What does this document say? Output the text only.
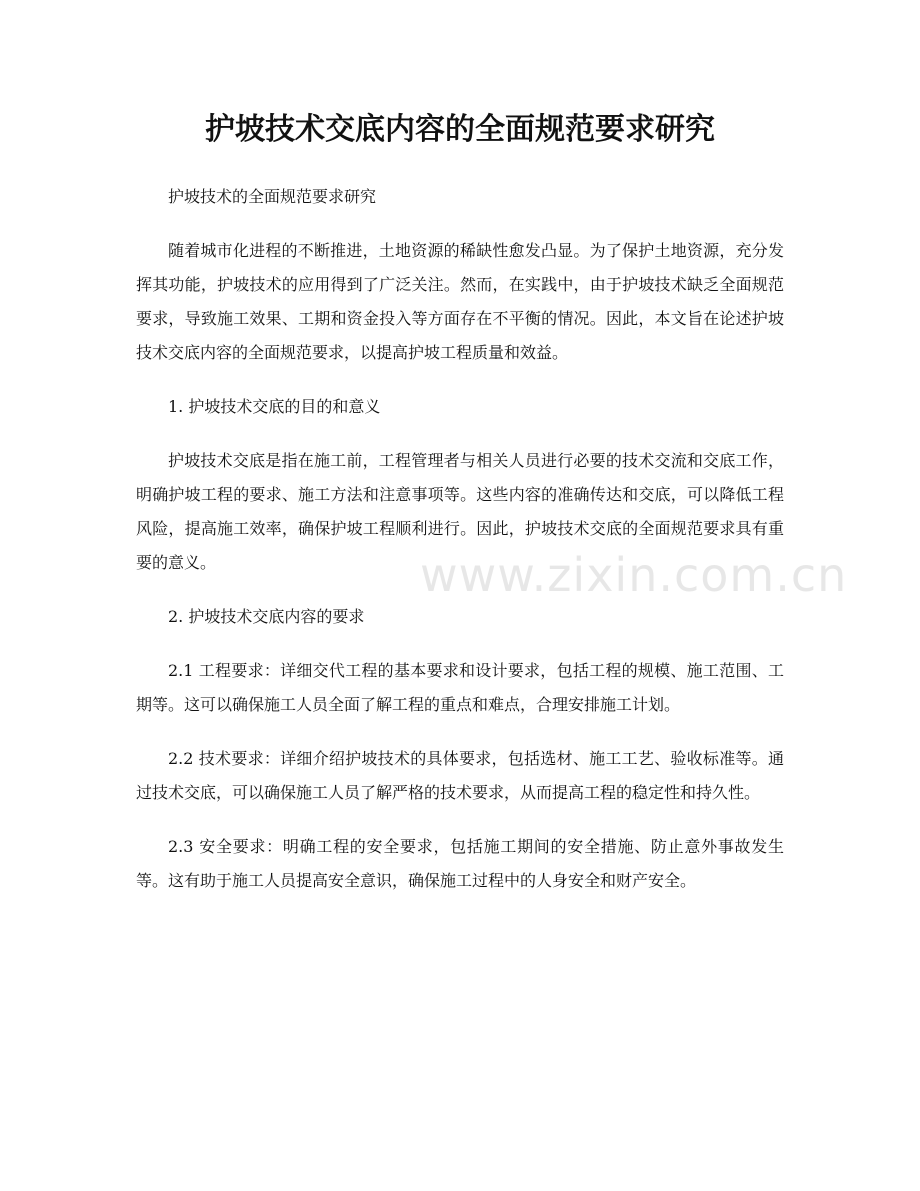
护坡技术交底内容的全面规范要求研究

护坡技术的全面规范要求研究

随着城市化进程的不断推进，土地资源的稀缺性愈发凸显。为了保护土地资源，充分发挥其功能，护坡技术的应用得到了广泛关注。然而，在实践中，由于护坡技术缺乏全面规范要求，导致施工效果、工期和资金投入等方面存在不平衡的情况。因此，本文旨在论述护坡技术交底内容的全面规范要求，以提高护坡工程质量和效益。

1. 护坡技术交底的目的和意义

护坡技术交底是指在施工前，工程管理者与相关人员进行必要的技术交流和交底工作，明确护坡工程的要求、施工方法和注意事项等。这些内容的准确传达和交底，可以降低工程风险，提高施工效率，确保护坡工程顺利进行。因此，护坡技术交底的全面规范要求具有重要的意义。

2. 护坡技术交底内容的要求

2.1 工程要求：详细交代工程的基本要求和设计要求，包括工程的规模、施工范围、工期等。这可以确保施工人员全面了解工程的重点和难点，合理安排施工计划。

2.2 技术要求：详细介绍护坡技术的具体要求，包括选材、施工工艺、验收标准等。通过技术交底，可以确保施工人员了解严格的技术要求，从而提高工程的稳定性和持久性。

2.3 安全要求：明确工程的安全要求，包括施工期间的安全措施、防止意外事故发生等。这有助于施工人员提高安全意识，确保施工过程中的人身安全和财产安全。

www.zixin.com.cn
